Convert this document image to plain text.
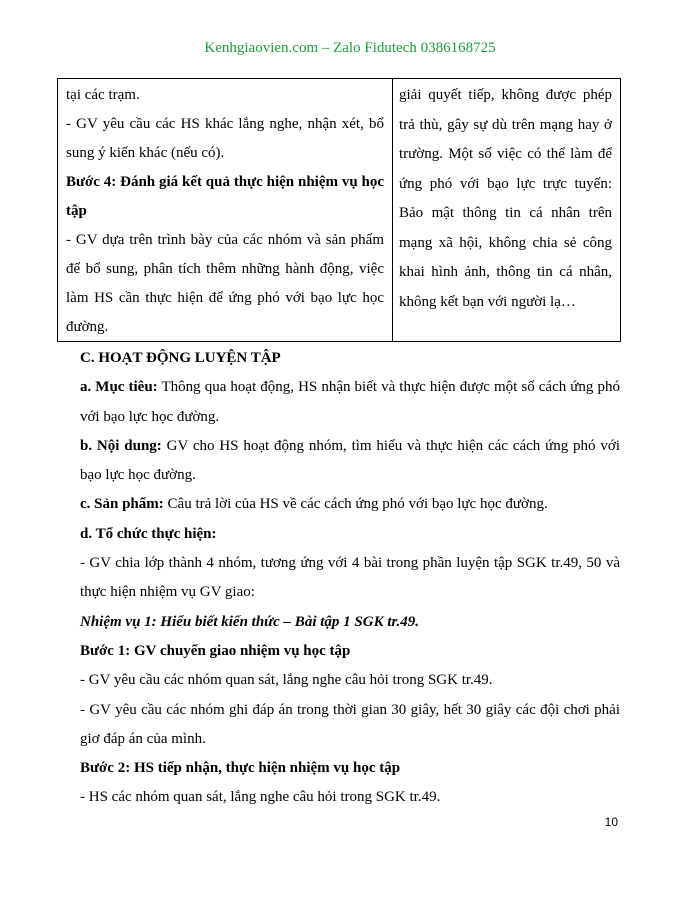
Kenhgiaovien.com – Zalo Fidutech 0386168725

tại các trạm.

- GV yêu cầu các HS khác lắng nghe, nhận xét, bổ sung ý kiến khác (nếu có).

Bước 4: Đánh giá kết quả thực hiện nhiệm vụ học tập

- GV dựa trên trình bày của các nhóm và sản phẩm để bổ sung, phân tích thêm những hành động, việc làm HS cần thực hiện để ứng phó với bạo lực học đường.

giải quyết tiếp, không được phép trả thù, gây sự dù trên mạng hay ở trường. Một số việc có thể làm để ứng phó với bạo lực trực tuyến: Bảo mật thông tin cá nhân trên mạng xã hội, không chia sẻ công khai hình ảnh, thông tin cá nhân, không kết bạn với người lạ…

C. HOẠT ĐỘNG LUYỆN TẬP

a. Mục tiêu: Thông qua hoạt động, HS nhận biết và thực hiện được một số cách ứng phó với bạo lực học đường.

b. Nội dung: GV cho HS hoạt động nhóm, tìm hiểu và thực hiện các cách ứng phó với bạo lực học đường.

c. Sản phẩm: Câu trả lời của HS về các cách ứng phó với bạo lực học đường.

d. Tổ chức thực hiện:

- GV chia lớp thành 4 nhóm, tương ứng với 4 bài trong phần luyện tập SGK tr.49, 50 và thực hiện nhiệm vụ GV giao:

Nhiệm vụ 1: Hiểu biết kiến thức – Bài tập 1 SGK tr.49.

Bước 1: GV chuyển giao nhiệm vụ học tập

- GV yêu cầu các nhóm quan sát, lắng nghe câu hỏi trong SGK tr.49.

- GV yêu cầu các nhóm ghi đáp án trong thời gian 30 giây, hết 30 giây các đội chơi phải giơ đáp án của mình.

Bước 2: HS tiếp nhận, thực hiện nhiệm vụ học tập

- HS các nhóm quan sát, lắng nghe câu hỏi trong SGK tr.49.

10
